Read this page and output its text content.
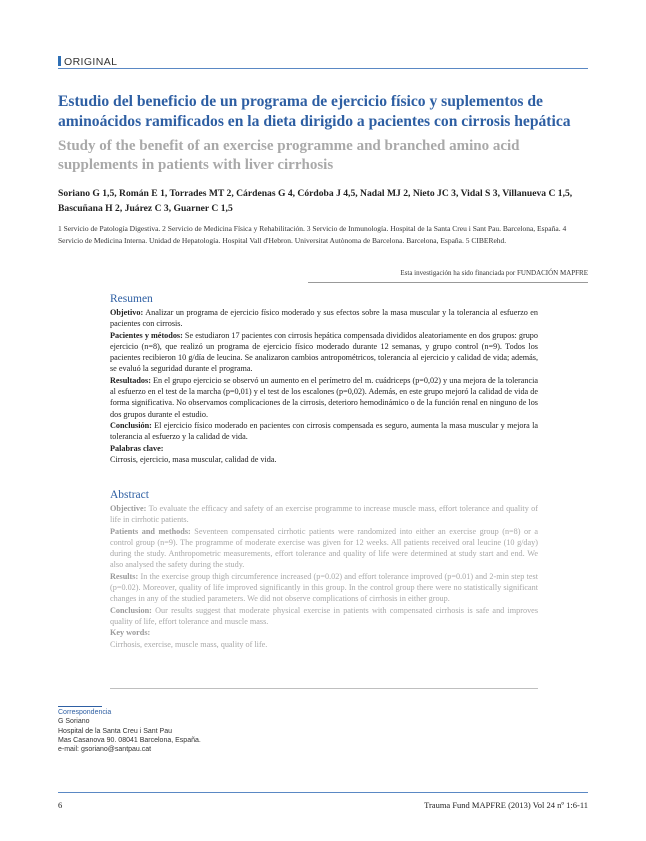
ORIGINAL
Estudio del beneficio de un programa de ejercicio físico y suplementos de aminoácidos ramificados en la dieta dirigido a pacientes con cirrosis hepática
Study of the benefit of an exercise programme and branched amino acid supplements in patients with liver cirrhosis
Soriano G 1,5, Román E 1, Torrades MT 2, Cárdenas G 4, Córdoba J 4,5, Nadal MJ 2, Nieto JC 3, Vidal S 3, Villanueva C 1,5,
Bascuñana H 2, Juárez C 3, Guarner C 1,5
1 Servicio de Patología Digestiva. 2 Servicio de Medicina Física y Rehabilitación. 3 Servicio de Inmunología. Hospital de la Santa Creu i Sant Pau. Barcelona, España. 4 Servicio de Medicina Interna. Unidad de Hepatología. Hospital Vall d'Hebron. Universitat Autònoma de Barcelona. Barcelona, España. 5 CIBERehd.
Esta investigación ha sido financiada por FUNDACIÓN MAPFRE
Resumen

Objetivo: Analizar un programa de ejercicio físico moderado y sus efectos sobre la masa muscular y la tolerancia al esfuerzo en pacientes con cirrosis.

Pacientes y métodos: Se estudiaron 17 pacientes con cirrosis hepática compensada divididos aleatoriamente en dos grupos: grupo ejercicio (n=8), que realizó un programa de ejercicio físico moderado durante 12 semanas, y grupo control (n=9). Todos los pacientes recibieron 10 g/día de leucina. Se analizaron cambios antropométricos, tolerancia al ejercicio y calidad de vida; además, se evaluó la seguridad durante el programa.

Resultados: En el grupo ejercicio se observó un aumento en el perímetro del m. cuádriceps (p=0,02) y una mejora de la tolerancia al esfuerzo en el test de la marcha (p=0,01) y el test de los escalones (p=0,02). Además, en este grupo mejoró la calidad de vida de forma significativa. No observamos complicaciones de la cirrosis, deterioro hemodinámico o de la función renal en ninguno de los dos grupos durante el estudio.

Conclusión: El ejercicio físico moderado en pacientes con cirrosis compensada es seguro, aumenta la masa muscular y mejora la tolerancia al esfuerzo y la calidad de vida.

Palabras clave:

Cirrosis, ejercicio, masa muscular, calidad de vida.

Abstract

Objective: To evaluate the efficacy and safety of an exercise programme to increase muscle mass, effort tolerance and quality of life in cirrhotic patients.

Patients and methods: Seventeen compensated cirrhotic patients were randomized into either an exercise group (n=8) or a control group (n=9). The programme of moderate exercise was given for 12 weeks. All patients received oral leucine (10 g/day) during the study. Anthropometric measurements, effort tolerance and quality of life were determined at study start and end. We also analysed the safety during the study.

Results: In the exercise group thigh circumference increased (p=0.02) and effort tolerance improved (p=0.01) and 2-min step test (p=0.02). Moreover, quality of life improved significantly in this group. In the control group there were no statistically significant changes in any of the studied parameters. We did not observe complications of cirrhosis in either group.

Conclusion: Our results suggest that moderate physical exercise in patients with compensated cirrhosis is safe and improves quality of life, effort tolerance and muscle mass.

Key words:

Cirrhosis, exercise, muscle mass, quality of life.

Correspondencia
G Soriano
Hospital de la Santa Creu i Sant Pau
Mas Casanova 90. 08041 Barcelona, España.
e-mail: gsoriano@santpau.cat
6	Trauma Fund MAPFRE (2013) Vol 24 nº 1:6-11
